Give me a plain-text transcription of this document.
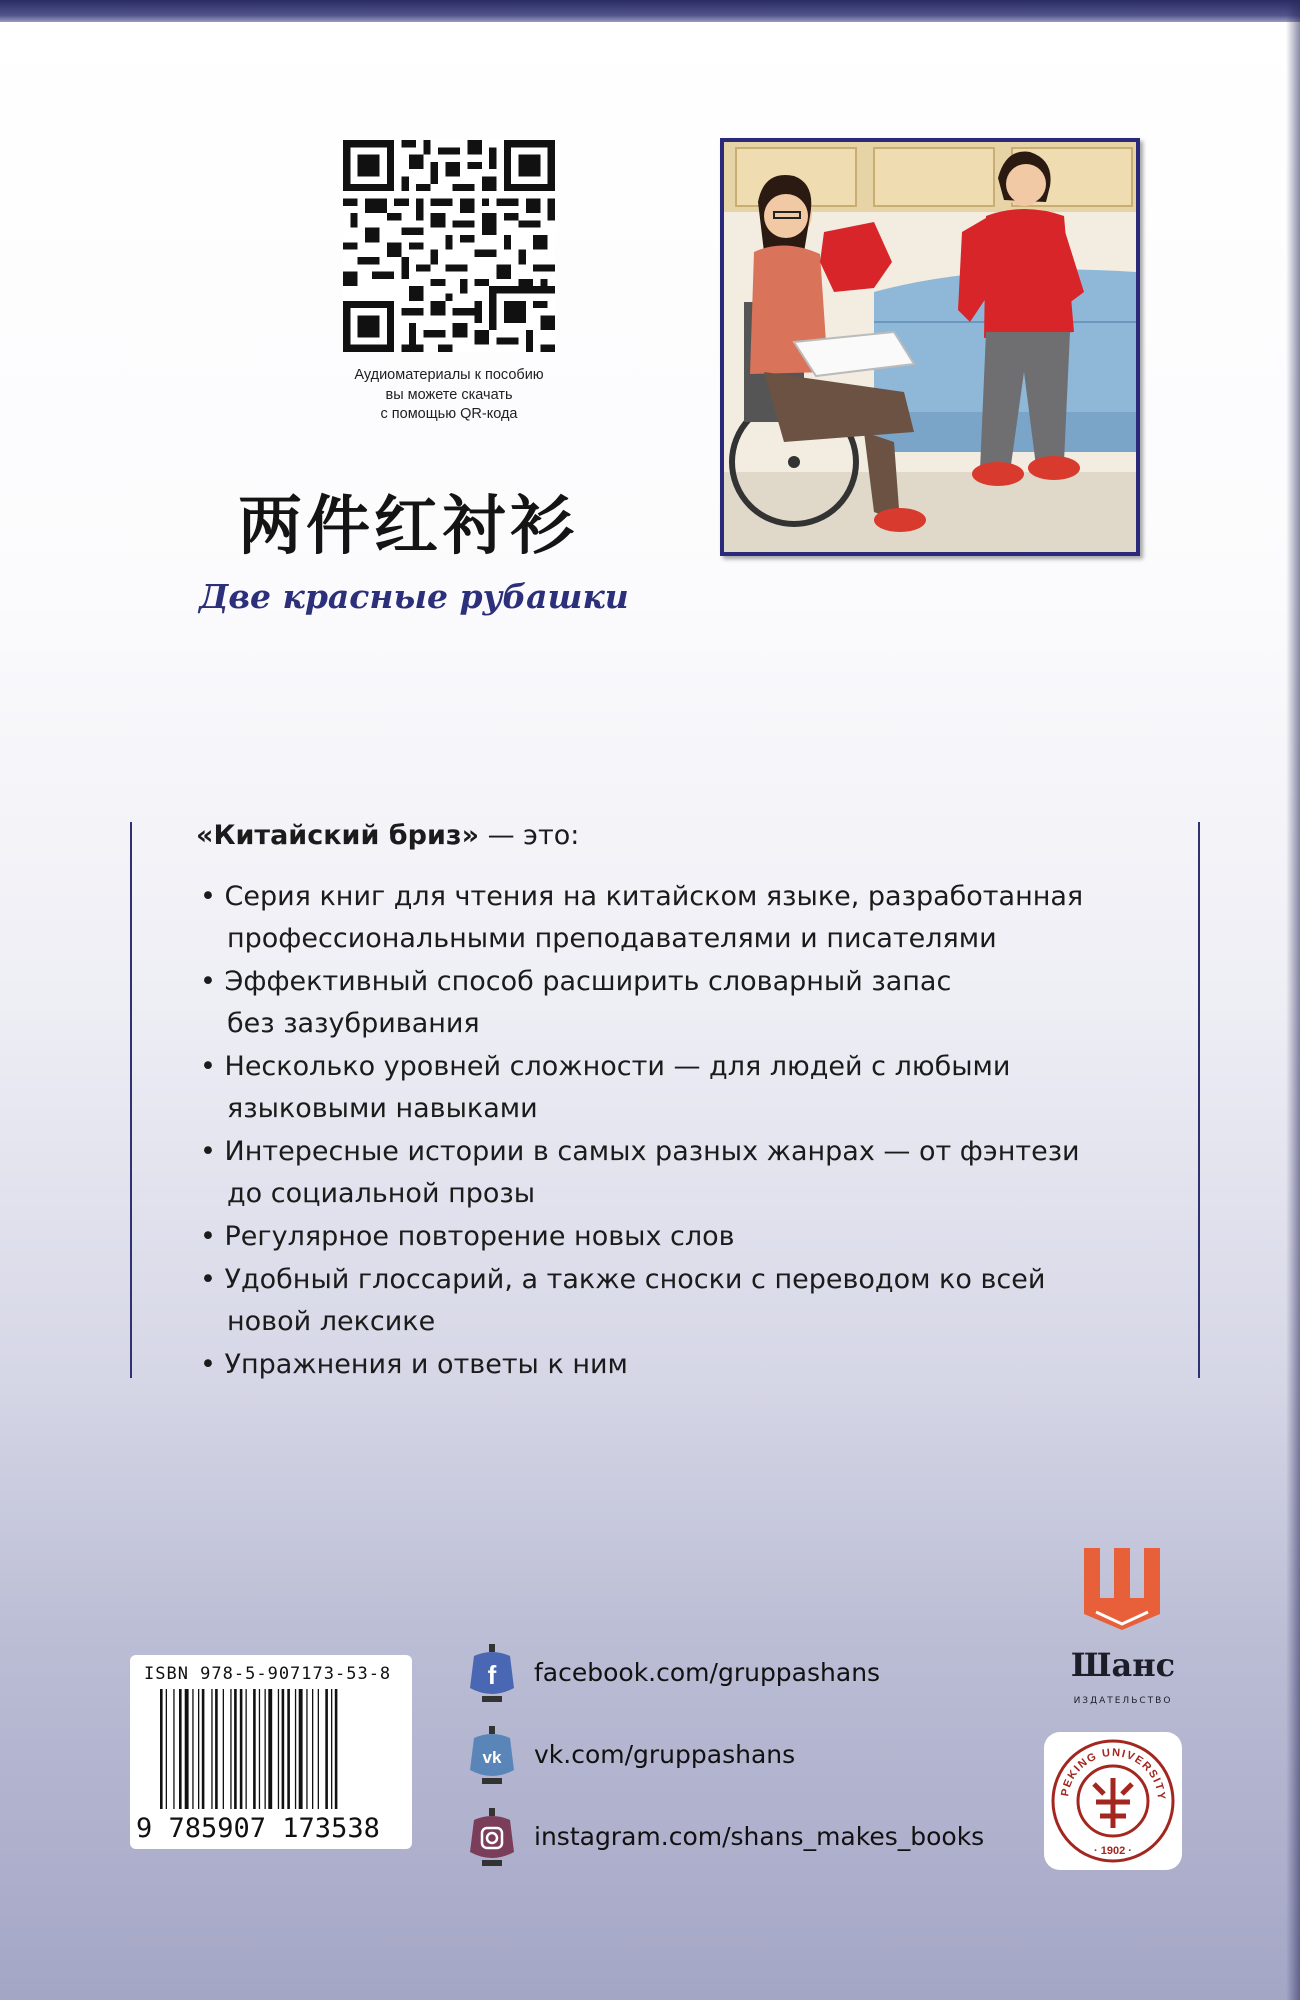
Аудиоматериалы к пособию
вы можете скачать
с помощью QR-кода
两件红衬衫
Две красные рубашки
«Китайский бриз» — это:
• Серия книг для чтения на китайском языке, разработанная
профессиональными преподавателями и писателями
• Эффективный способ расширить словарный запас
без зазубривания
• Несколько уровней сложности — для людей с любыми
языковыми навыками
• Интересные истории в самых разных жанрах — от фэнтези
до социальной прозы
• Регулярное повторение новых слов
• Удобный глоссарий, а также сноски с переводом ко всей
новой лексике
• Упражнения и ответы к ним
ISBN 978-5-907173-53-8
9 785907 173538
f facebook.com/gruppashans
vk vk.com/gruppashans
instagram.com/shans_makes_books
Шанс
ИЗДАТЕЛЬСТВО
PEKING UNIVERSITY
· 1902 ·
